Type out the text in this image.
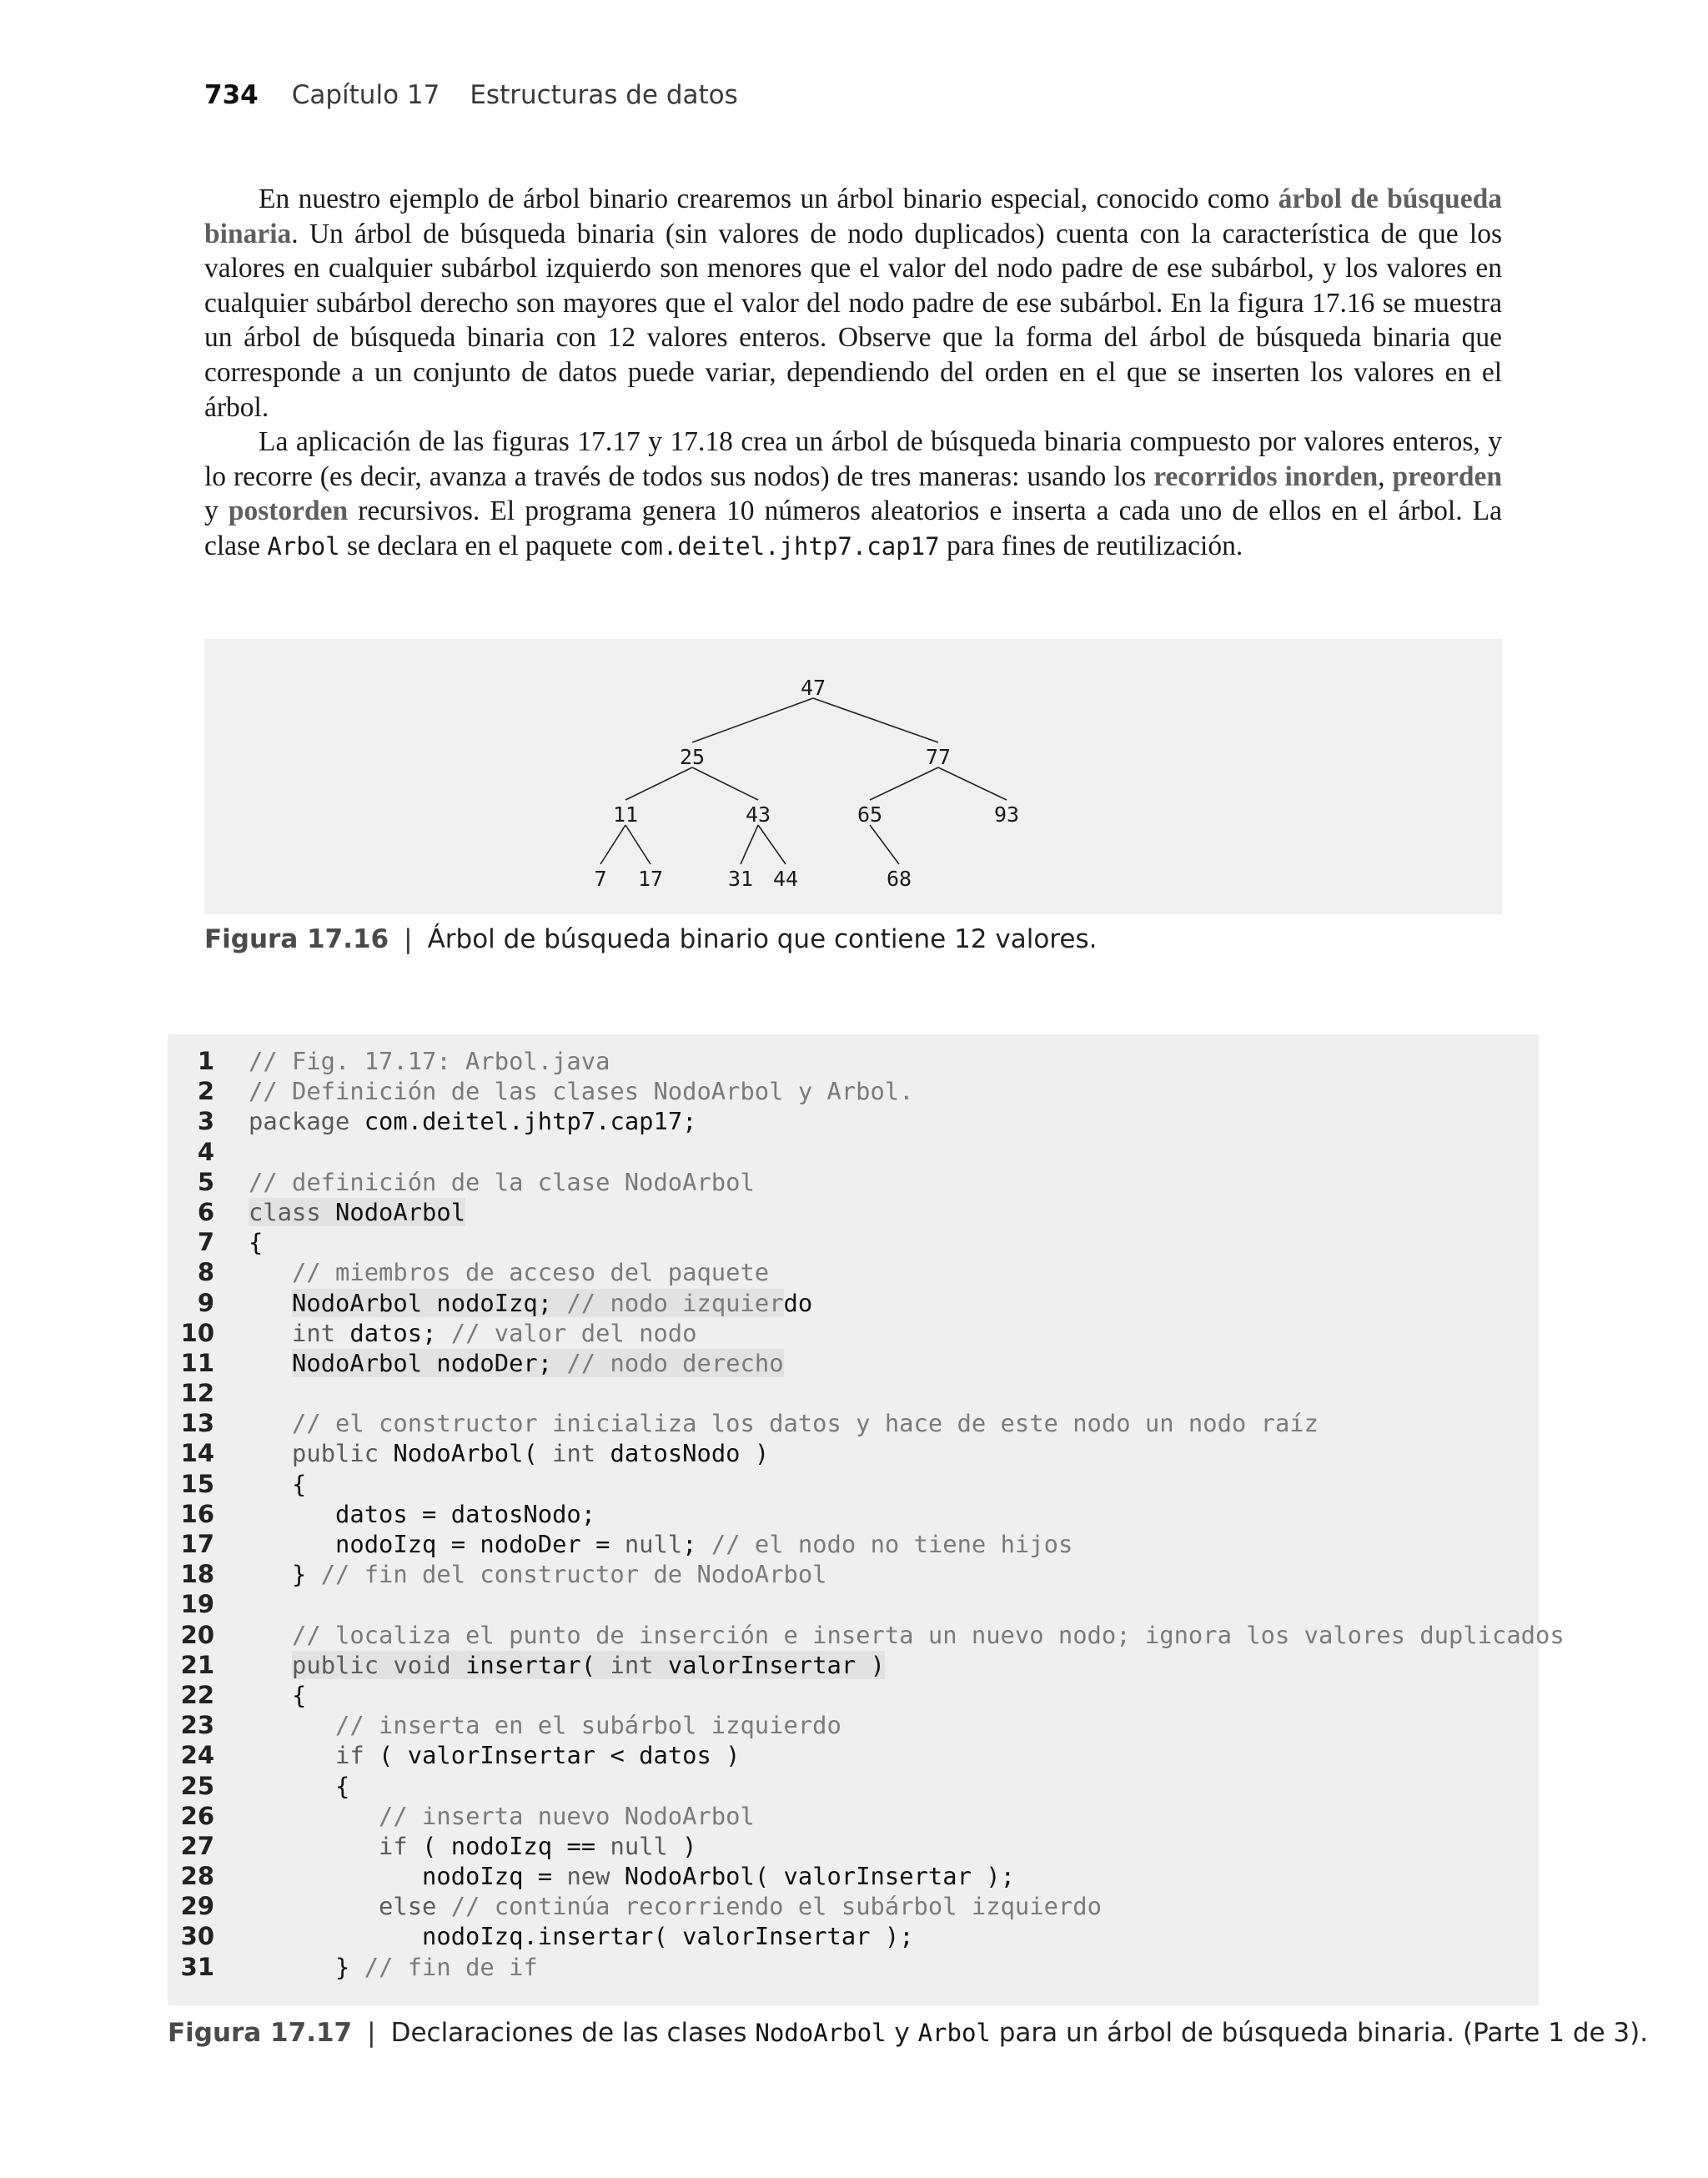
734 Capítulo 17 Estructuras de datos

En nuestro ejemplo de árbol binario crearemos un árbol binario especial, conocido como árbol de búsqueda binaria. Un árbol de búsqueda binaria (sin valores de nodo duplicados) cuenta con la característica de que los valores en cualquier subárbol izquierdo son menores que el valor del nodo padre de ese subárbol, y los valores en cualquier subárbol derecho son mayores que el valor del nodo padre de ese subárbol. En la figura 17.16 se muestra un árbol de búsqueda binaria con 12 valores enteros. Observe que la forma del árbol de búsqueda binaria que corresponde a un conjunto de datos puede variar, dependiendo del orden en el que se inserten los valores en el árbol.

La aplicación de las figuras 17.17 y 17.18 crea un árbol de búsqueda binaria compuesto por valores enteros, y lo recorre (es decir, avanza a través de todos sus nodos) de tres maneras: usando los recorridos inorden, preorden y postorden recursivos. El programa genera 10 números aleatorios e inserta a cada uno de ellos en el árbol. La clase Arbol se declara en el paquete com.deitel.jhtp7.cap17 para fines de reutilización.

47
25	77
11	43	65	93
7 17	31 44	68
Figura 17.16 | Árbol de búsqueda binario que contiene 12 valores.
1 // Fig. 17.17: Arbol.java
2 // Definición de las clases NodoArbol y Arbol.
3 package com.deitel.jhtp7.cap17;
4
5 // definición de la clase NodoArbol
6 class NodoArbol
7 {
8	// miembros de acceso del paquete
9	NodoArbol nodoIzq; // nodo izquierdo
10	int datos; // valor del nodo
11	NodoArbol nodoDer; // nodo derecho
12
13	// el constructor inicializa los datos y hace de este nodo un nodo raíz
14	public NodoArbol( int datosNodo )
15 {
16	datos = datosNodo;
17	nodoIzq = nodoDer = null; // el nodo no tiene hijos
18 } // fin del constructor de NodoArbol
19
20	// localiza el punto de inserción e inserta un nuevo nodo; ignora los valores duplicados
21	public void insertar( int valorInsertar )
22 {
23	// inserta en el subárbol izquierdo
24	if ( valorInsertar < datos )
25 {
26	// inserta nuevo NodoArbol
27	if ( nodoIzq == null )
28	nodoIzq = new NodoArbol( valorInsertar );
29	else // continúa recorriendo el subárbol izquierdo
30	nodoIzq.insertar( valorInsertar );
31 } // fin de if
Figura 17.17 | Declaraciones de las clases NodoArbol y Arbol para un árbol de búsqueda binaria. (Parte 1 de 3).
